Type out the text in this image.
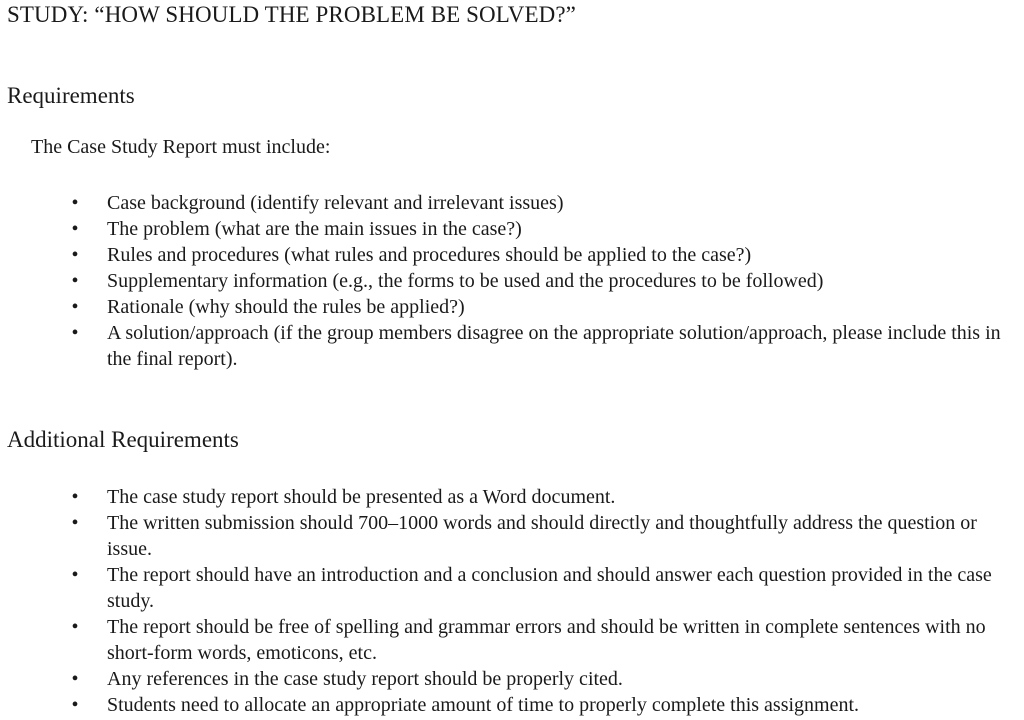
STUDY: “HOW SHOULD THE PROBLEM BE SOLVED?”
Requirements
The Case Study Report must include:
• Case background (identify relevant and irrelevant issues)
• The problem (what are the main issues in the case?)
• Rules and procedures (what rules and procedures should be applied to the case?)
• Supplementary information (e.g., the forms to be used and the procedures to be followed)
• Rationale (why should the rules be applied?)
• A solution/approach (if the group members disagree on the appropriate solution/approach, please include this in the final report).
Additional Requirements
• The case study report should be presented as a Word document.
• The written submission should 700–1000 words and should directly and thoughtfully address the question or issue.
• The report should have an introduction and a conclusion and should answer each question provided in the case study.
• The report should be free of spelling and grammar errors and should be written in complete sentences with no short-form words, emoticons, etc.
• Any references in the case study report should be properly cited.
• Students need to allocate an appropriate amount of time to properly complete this assignment.
